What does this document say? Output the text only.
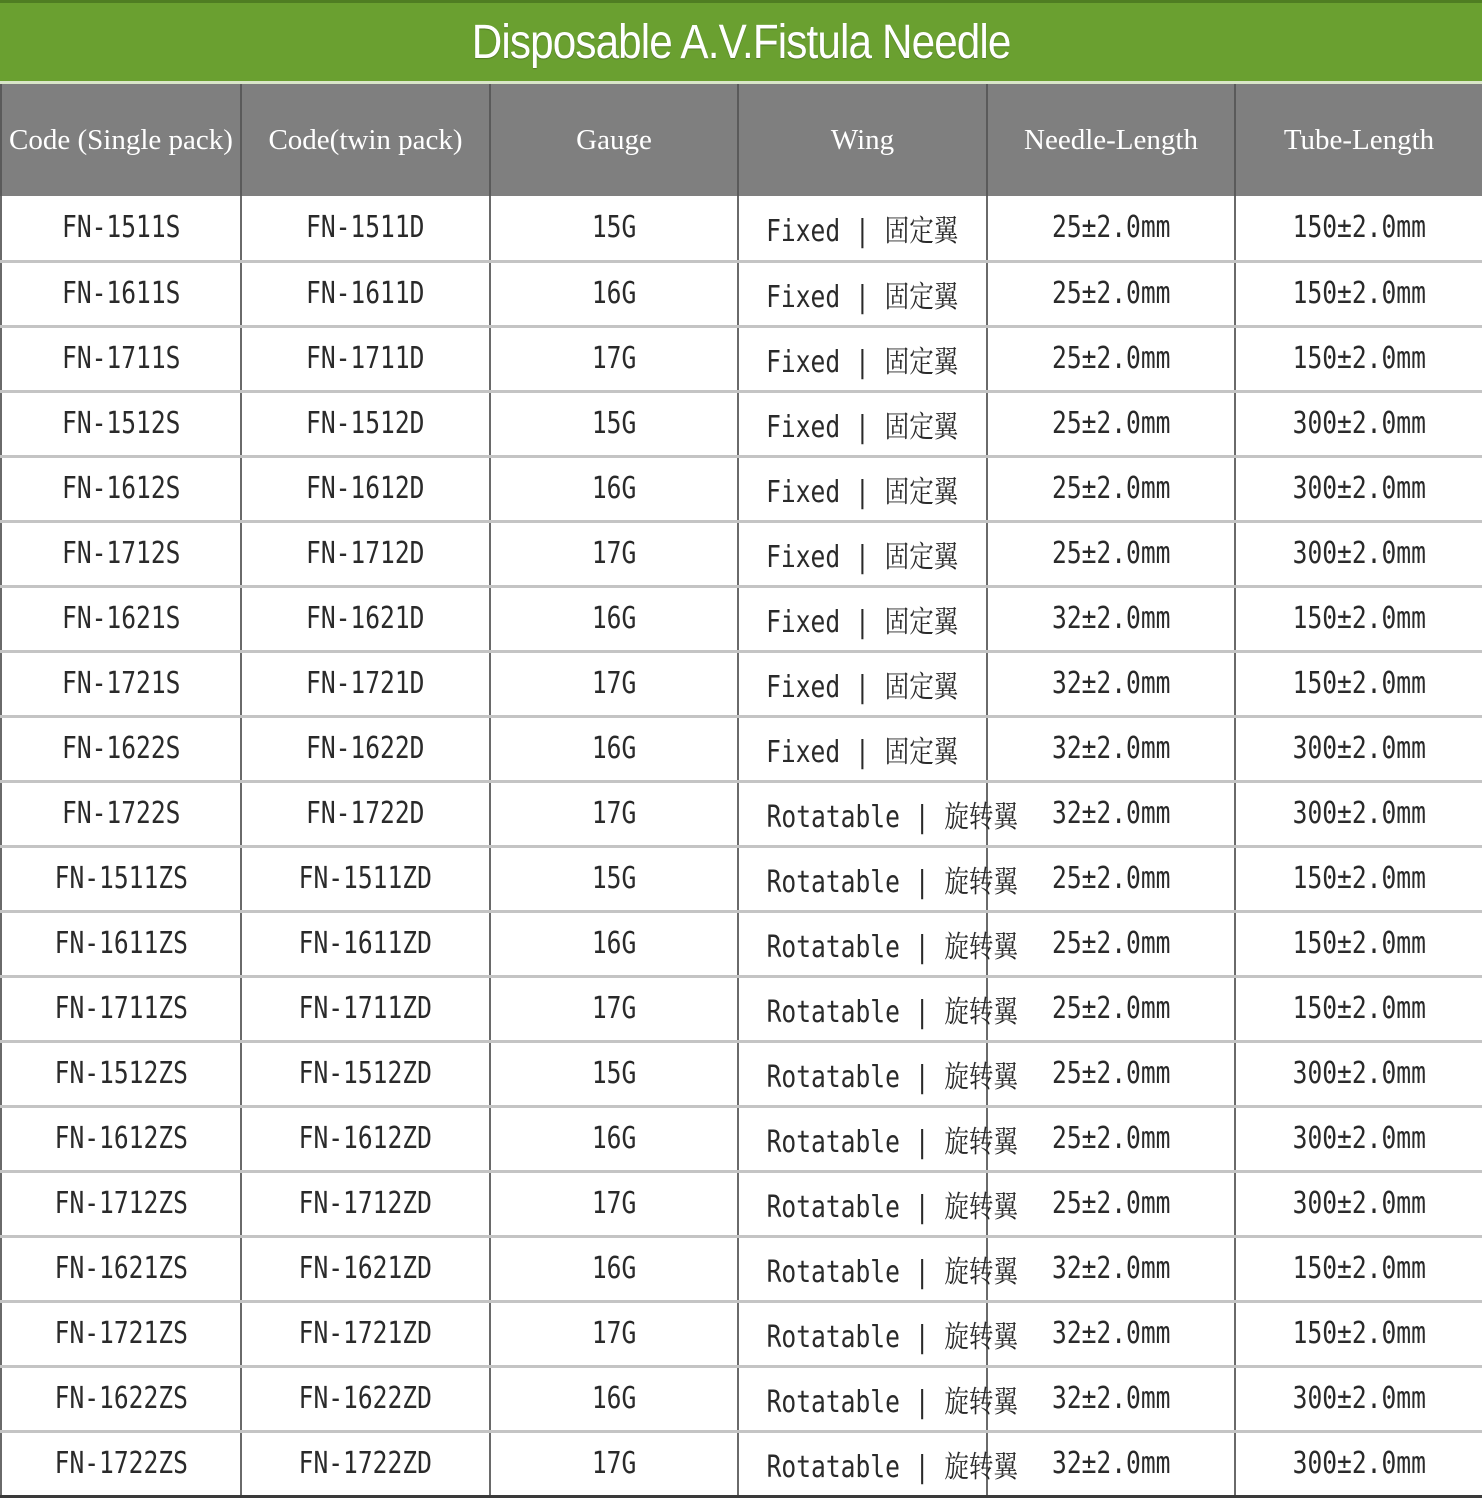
Disposable A.V.Fistula Needle
Code (Single pack)	Code(twin pack)	Gauge	Wing	Needle-Length	Tube-Length
FN-1511S	FN-1511D	15G	Fixed | 固定翼	25±2.0mm	150±2.0mm
FN-1611S	FN-1611D	16G	Fixed | 固定翼	25±2.0mm	150±2.0mm
FN-1711S	FN-1711D	17G	Fixed | 固定翼	25±2.0mm	150±2.0mm
FN-1512S	FN-1512D	15G	Fixed | 固定翼	25±2.0mm	300±2.0mm
FN-1612S	FN-1612D	16G	Fixed | 固定翼	25±2.0mm	300±2.0mm
FN-1712S	FN-1712D	17G	Fixed | 固定翼	25±2.0mm	300±2.0mm
FN-1621S	FN-1621D	16G	Fixed | 固定翼	32±2.0mm	150±2.0mm
FN-1721S	FN-1721D	17G	Fixed | 固定翼	32±2.0mm	150±2.0mm
FN-1622S	FN-1622D	16G	Fixed | 固定翼	32±2.0mm	300±2.0mm
FN-1722S	FN-1722D	17G	Rotatable | 旋转翼	32±2.0mm	300±2.0mm
FN-1511ZS	FN-1511ZD	15G	Rotatable | 旋转翼	25±2.0mm	150±2.0mm
FN-1611ZS	FN-1611ZD	16G	Rotatable | 旋转翼	25±2.0mm	150±2.0mm
FN-1711ZS	FN-1711ZD	17G	Rotatable | 旋转翼	25±2.0mm	150±2.0mm
FN-1512ZS	FN-1512ZD	15G	Rotatable | 旋转翼	25±2.0mm	300±2.0mm
FN-1612ZS	FN-1612ZD	16G	Rotatable | 旋转翼	25±2.0mm	300±2.0mm
FN-1712ZS	FN-1712ZD	17G	Rotatable | 旋转翼	25±2.0mm	300±2.0mm
FN-1621ZS	FN-1621ZD	16G	Rotatable | 旋转翼	32±2.0mm	150±2.0mm
FN-1721ZS	FN-1721ZD	17G	Rotatable | 旋转翼	32±2.0mm	150±2.0mm
FN-1622ZS	FN-1622ZD	16G	Rotatable | 旋转翼	32±2.0mm	300±2.0mm
FN-1722ZS	FN-1722ZD	17G	Rotatable | 旋转翼	32±2.0mm	300±2.0mm
